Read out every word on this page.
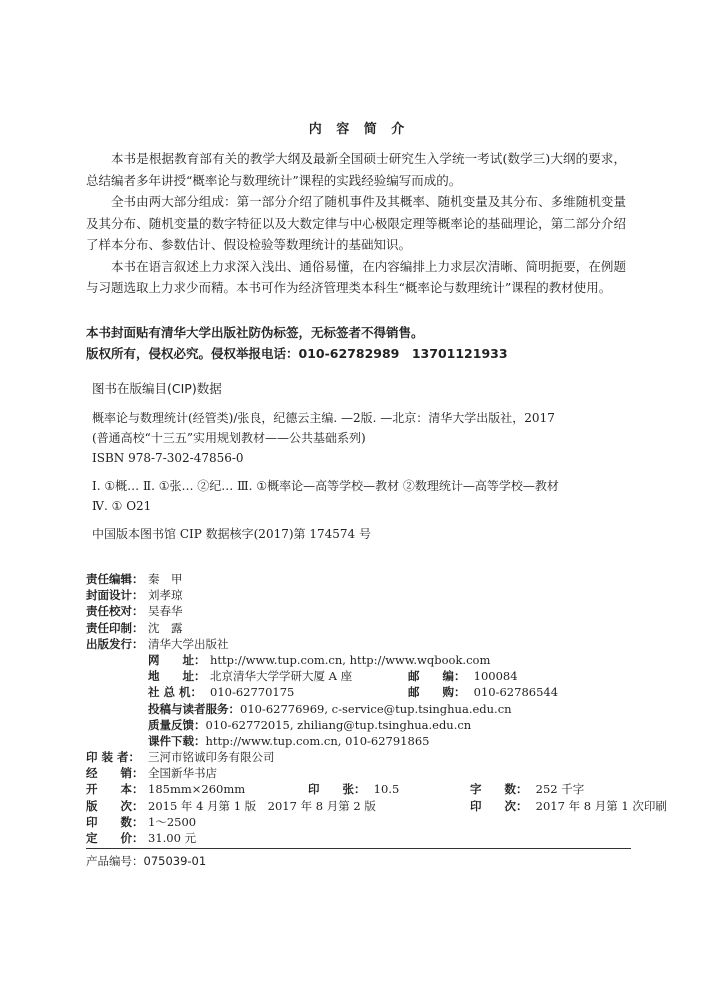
内 容 简 介

本书是根据教育部有关的教学大纲及最新全国硕士研究生入学统一考试(数学三)大纲的要求，总结编者多年讲授“概率论与数理统计”课程的实践经验编写而成的。

全书由两大部分组成：第一部分介绍了随机事件及其概率、随机变量及其分布、多维随机变量及其分布、随机变量的数字特征以及大数定律与中心极限定理等概率论的基础理论，第二部分介绍了样本分布、参数估计、假设检验等数理统计的基础知识。

本书在语言叙述上力求深入浅出、通俗易懂，在内容编排上力求层次清晰、简明扼要，在例题与习题选取上力求少而精。本书可作为经济管理类本科生“概率论与数理统计”课程的教材使用。

本书封面贴有清华大学出版社防伪标签，无标签者不得销售。
版权所有，侵权必究。侵权举报电话：010-62782989　13701121933
图书在版编目(CIP)数据
概率论与数理统计(经管类)/张良，纪德云主编. —2版. —北京：清华大学出版社，2017
(普通高校“十三五”实用规划教材——公共基础系列)
ISBN 978-7-302-47856-0
Ⅰ. ①概… Ⅱ. ①张… ②纪… Ⅲ. ①概率论—高等学校—教材 ②数理统计—高等学校—教材
Ⅳ. ① O21
中国版本图书馆 CIP 数据核字(2017)第 174574 号
责任编辑： 秦　甲
封面设计： 刘孝琼
责任校对： 吴春华
责任印制： 沈　露
出版发行： 清华大学出版社
网　　址： http://www.tup.com.cn, http://www.wqbook.com
地　　址： 北京清华大学学研大厦 A 座	邮　　编： 100084
社 总 机： 010-62770175	邮　　购： 010-62786544
投稿与读者服务： 010-62776969, c-service@tup.tsinghua.edu.cn
质量反馈： 010-62772015, zhiliang@tup.tsinghua.edu.cn
课件下载： http://www.tup.com.cn, 010-62791865
印 装 者： 三河市铭诚印务有限公司
经　　销： 全国新华书店
开　　本： 185mm×260mm	印　　张： 10.5	字　　数： 252 千字
版　　次： 2015 年 4 月第 1 版　2017 年 8 月第 2 版	印　　次： 2017 年 8 月第 1 次印刷
印　　数： 1～2500
定　　价： 31.00 元
产品编号：075039-01
